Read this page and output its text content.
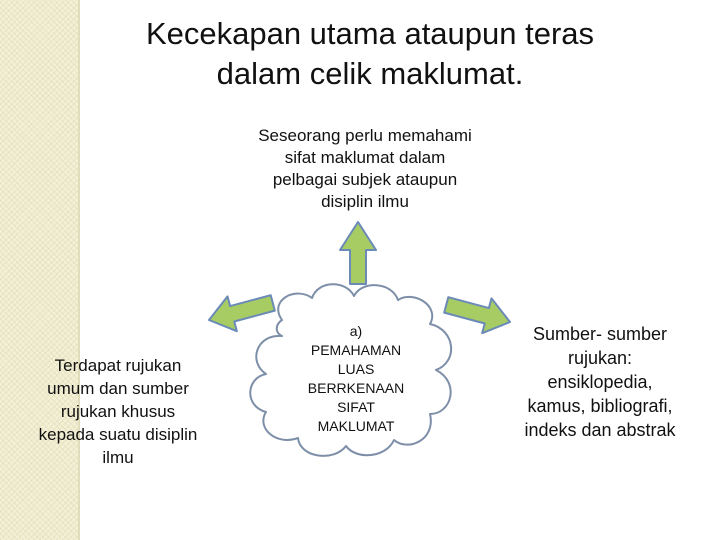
Kecekapan utama ataupun teras
dalam celik maklumat.
Seseorang perlu memahami
sifat maklumat dalam
pelbagai subjek ataupun
disiplin ilmu
a)
PEMAHAMAN
LUAS
BERRKENAAN
SIFAT
MAKLUMAT
Terdapat rujukan
umum dan sumber
rujukan khusus
kepada suatu disiplin
ilmu
Sumber- sumber
rujukan:
ensiklopedia,
kamus, bibliografi,
indeks dan abstrak
